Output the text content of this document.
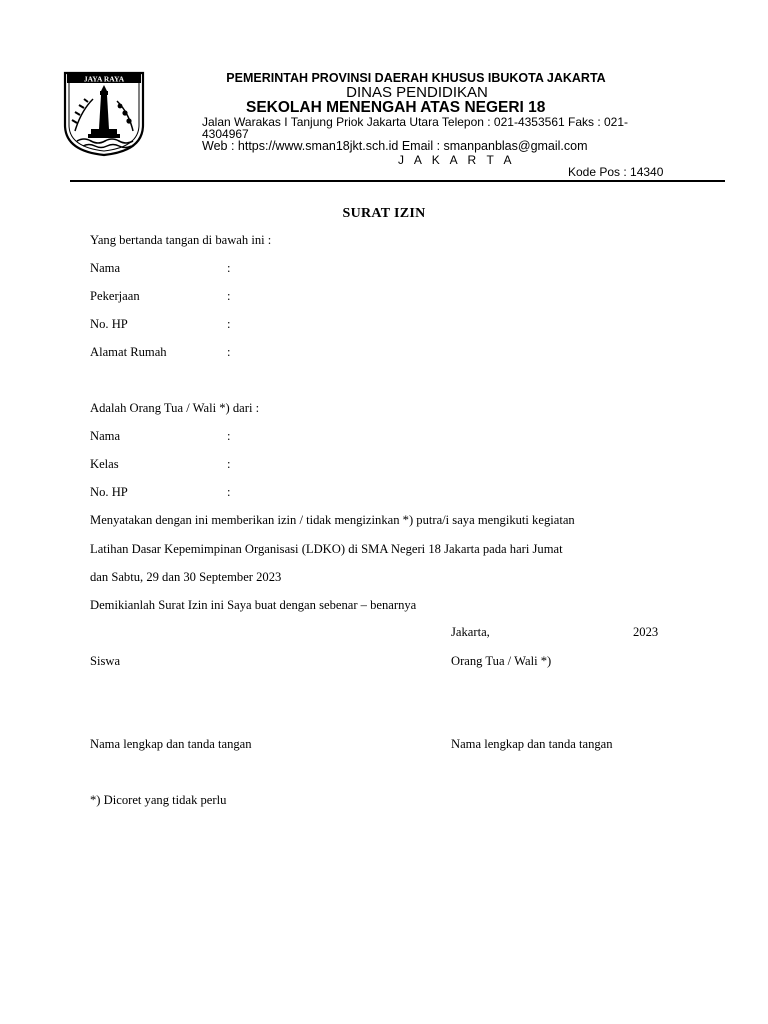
JAYA RAYA	PEMERINTAH PROVINSI DAERAH KHUSUS IBUKOTA JAKARTA
DINAS PENDIDIKAN
SEKOLAH MENENGAH ATAS NEGERI 18
Jalan Warakas I Tanjung Priok Jakarta Utara Telepon : 021-4353561 Faks : 021-4304967
Web : https://www.sman18jkt.sch.id Email : smanpanblas@gmail.com
J A K A R T A
Kode Pos : 14340
SURAT IZIN
Yang bertanda tangan di bawah ini :
Nama	:
Pekerjaan	:
No. HP	:
Alamat Rumah	:
Adalah Orang Tua / Wali *) dari :
Nama	:
Kelas	:
No. HP	:
Menyatakan dengan ini memberikan izin / tidak mengizinkan *) putra/i saya mengikuti kegiatan
Latihan Dasar Kepemimpinan Organisasi (LDKO) di SMA Negeri 18 Jakarta pada hari Jumat
dan Sabtu, 29 dan 30 September 2023
Demikianlah Surat Izin ini Saya buat dengan sebenar – benarnya
Jakarta,	2023
Siswa	Orang Tua / Wali *)
Nama lengkap dan tanda tangan	Nama lengkap dan tanda tangan
*) Dicoret yang tidak perlu
